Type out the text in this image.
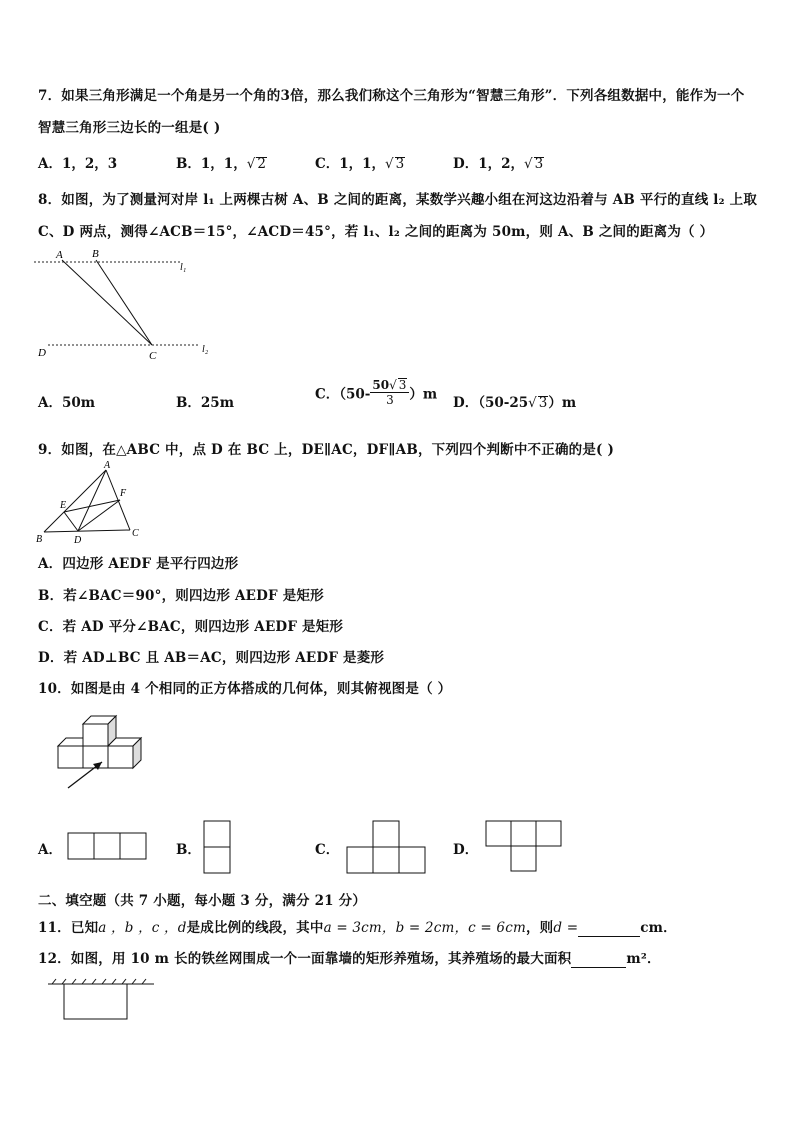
7．如果三角形满足一个角是另一个角的3倍，那么我们称这个三角形为“智慧三角形”．下列各组数据中，能作为一个
智慧三角形三边长的一组是( )
A．1，2，3	B．1，1，√ 2	C．1，1，√ 3	D．1，2，√ 3
8．如图，为了测量河对岸 l₁ 上两棵古树 A、B 之间的距离，某数学兴趣小组在河这边沿着与 AB 平行的直线 l₂ 上取
C、D 两点，测得∠ACB＝15°，∠ACD＝45°，若 l₁、l₂ 之间的距离为 50m，则 A、B 之间的距离为（ ）
A	B
l₁
D	C
l₂
A．50m	B．25m
C．$(50- \frac{50√ 3}{3} )m$
D．（50-25√ 3）m
9．如图，在△ABC 中，点 D 在 BC 上，DE∥AC，DF∥AB，下列四个判断中不正确的是( )
A
E
F
B	D
C
A．四边形 AEDF 是平行四边形
B．若∠BAC＝90°，则四边形 AEDF 是矩形
C．若 AD 平分∠BAC，则四边形 AEDF 是矩形
D．若 AD⊥BC 且 AB＝AC，则四边形 AEDF 是菱形
10．如图是由 4 个相同的正方体搭成的几何体，则其俯视图是（ ）
A．	B．	C．	D．
二、填空题（共 7 小题，每小题 3 分，满分 21 分）
11．已知a ，b ，c ，d是成比例的线段，其中a = 3cm，b = 2cm，c = 6cm，则d =	cm．
12．如图，用 10 m 长的铁丝网围成一个一面靠墙的矩形养殖场，其养殖场的最大面积	m²．
